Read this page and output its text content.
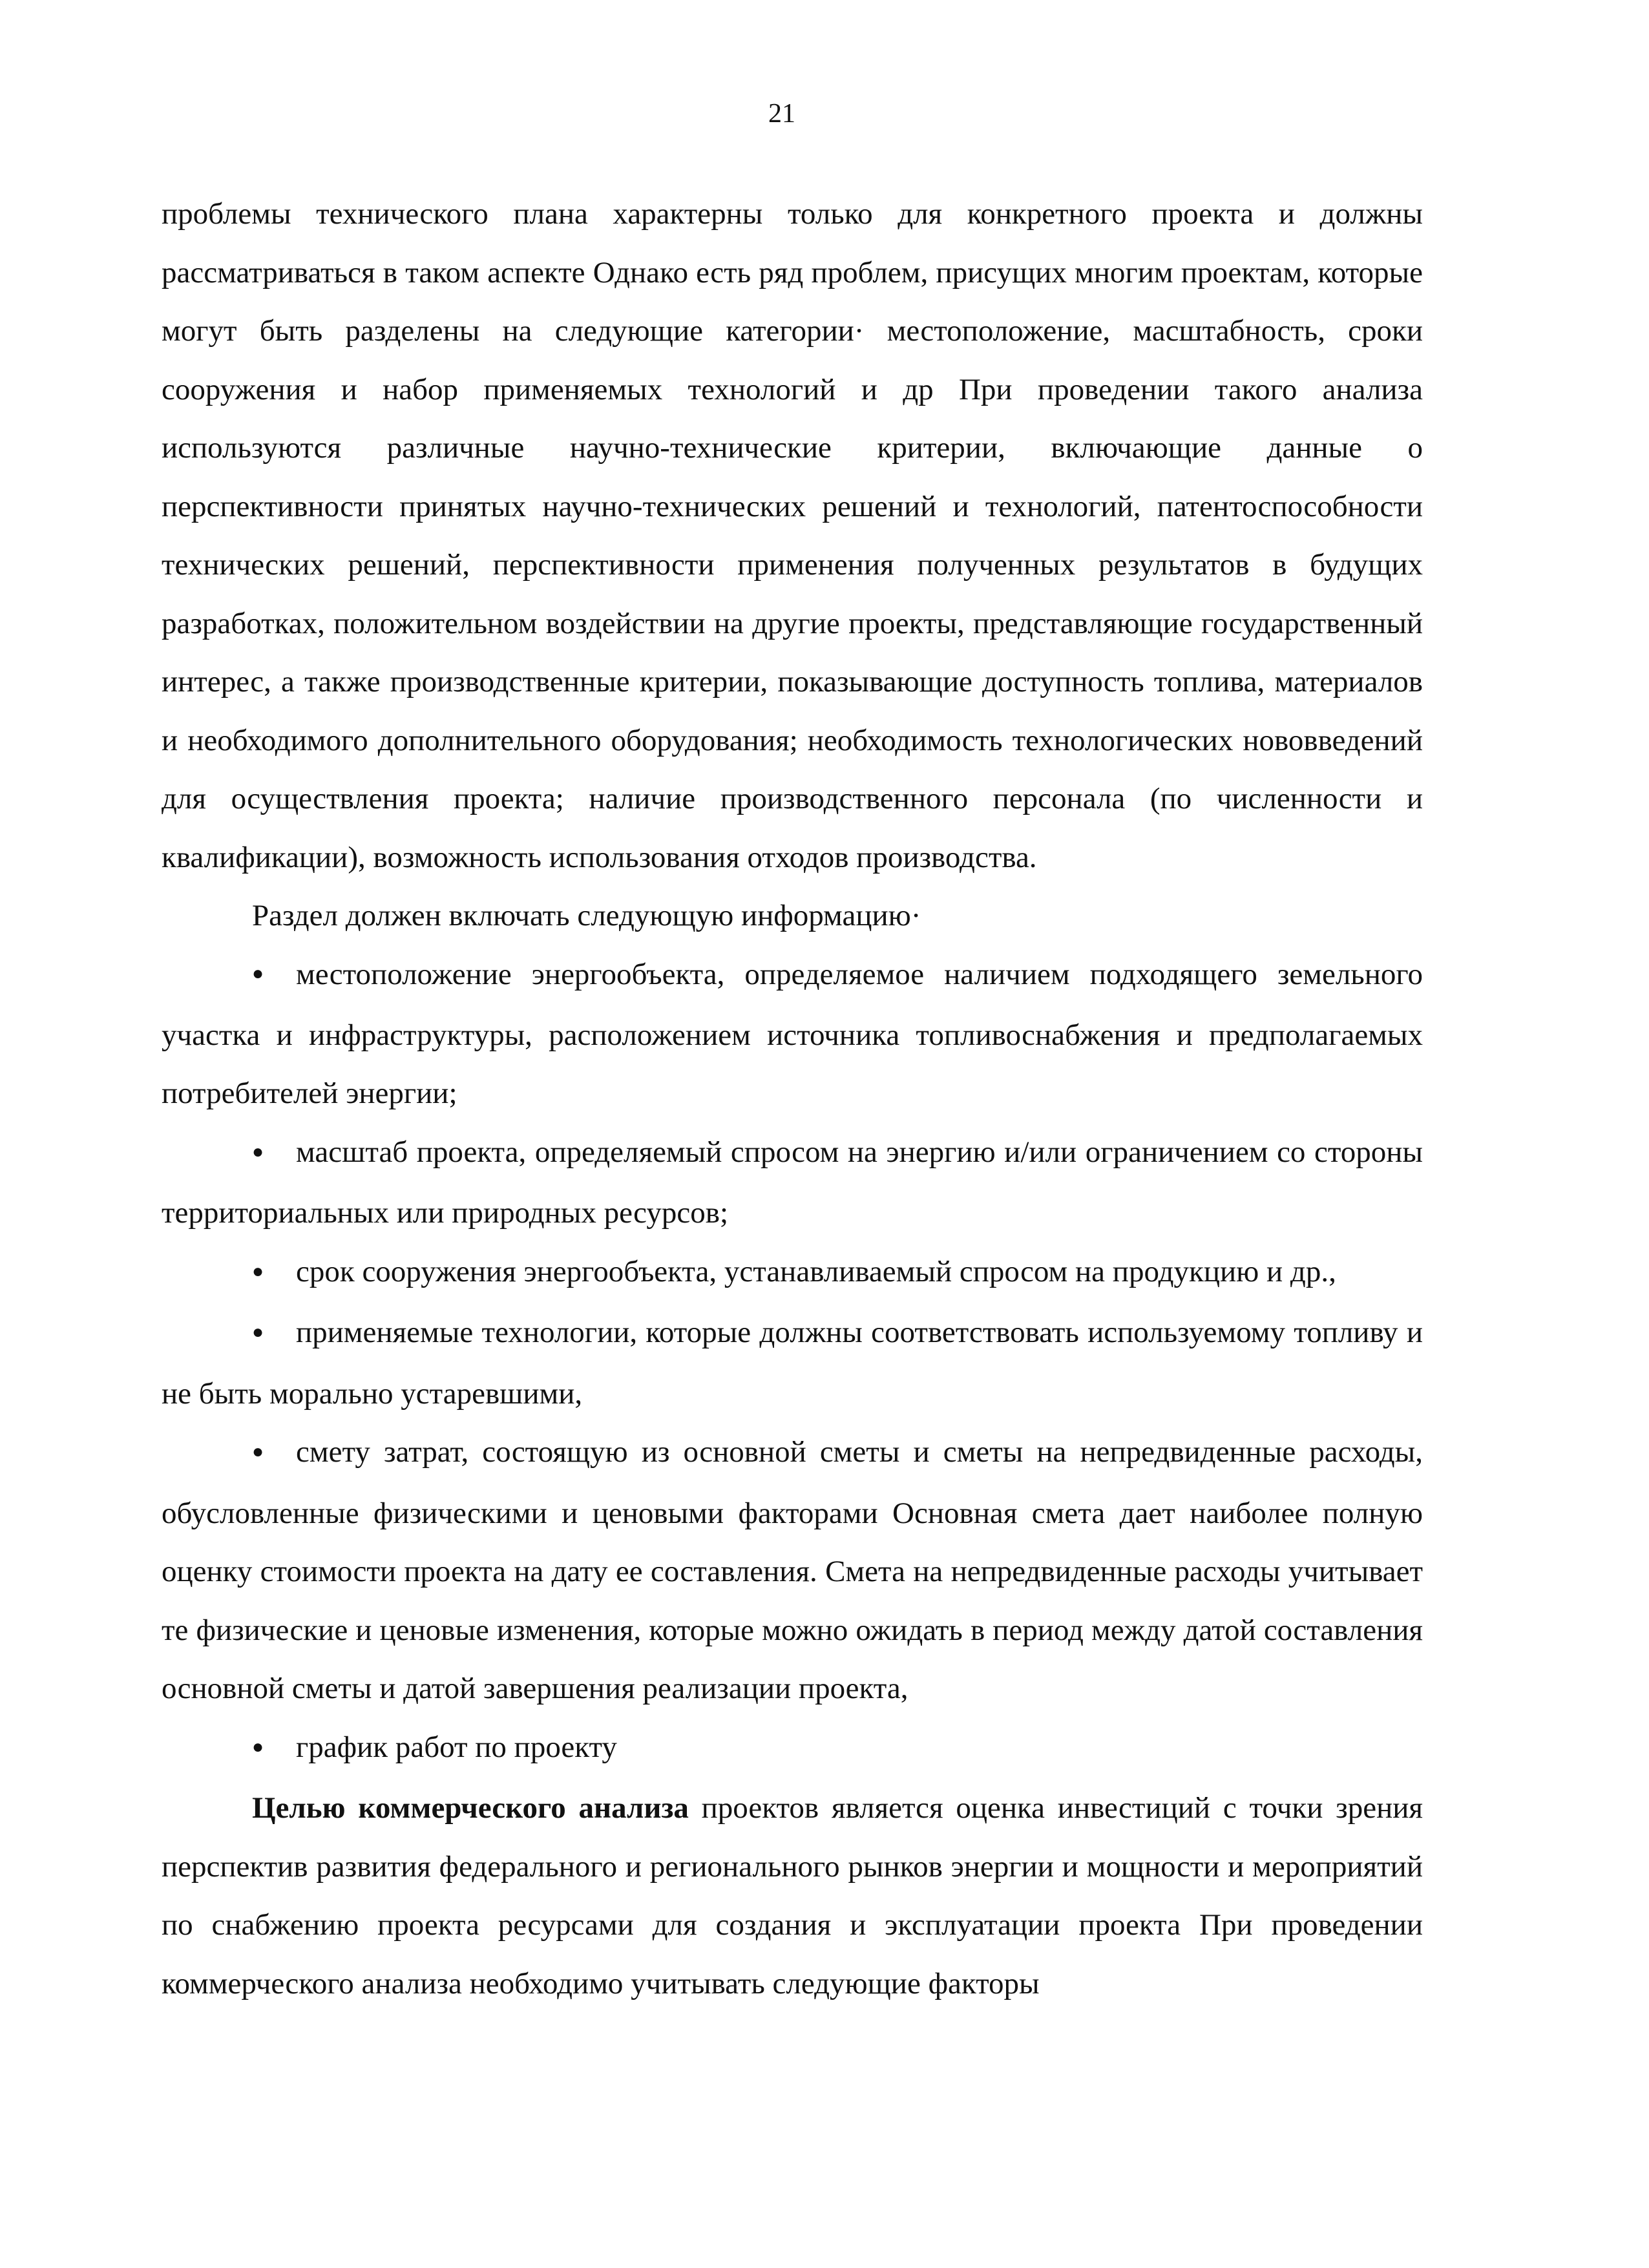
21

проблемы технического плана характерны только для конкретного проекта и должны рассматриваться в таком аспекте Однако есть ряд проблем, присущих многим проектам, которые могут быть разделены на следующие категории· местоположение, масштабность, сроки сооружения и набор применяемых технологий и др При проведении такого анализа используются различные научно-технические критерии, включающие данные о перспективности принятых научно-технических решений и технологий, патентоспособности технических решений, перспективности применения полученных результатов в будущих разработках, положительном воздействии на другие проекты, представляющие государственный интерес, а также производственные критерии, показывающие доступность топлива, материалов и необходимого дополнительного оборудования; необходимость технологических нововведений для осуществления проекта; наличие производственного персонала (по численности и квалификации), возможность использования отходов производства.

Раздел должен включать следующую информацию·

● местоположение энергообъекта, определяемое наличием подходящего земельного участка и инфраструктуры, расположением источника топливоснабжения и предполагаемых потребителей энергии;

● масштаб проекта, определяемый спросом на энергию и/или ограничением со стороны территориальных или природных ресурсов;

● срок сооружения энергообъекта, устанавливаемый спросом на продукцию и др.,

● применяемые технологии, которые должны соответствовать используемому топливу и не быть морально устаревшими,

● смету затрат, состоящую из основной сметы и сметы на непредвиденные расходы, обусловленные физическими и ценовыми факторами Основная смета дает наиболее полную оценку стоимости проекта на дату ее составления. Смета на непредвиденные расходы учитывает те физические и ценовые изменения, которые можно ожидать в период между датой составления основной сметы и датой завершения реализации проекта,

● график работ по проекту

Целью коммерческого анализа проектов является оценка инвестиций с точки зрения перспектив развития федерального и регионального рынков энергии и мощности и мероприятий по снабжению проекта ресурсами для создания и эксплуатации проекта При проведении коммерческого анализа необходимо учитывать следующие факторы
